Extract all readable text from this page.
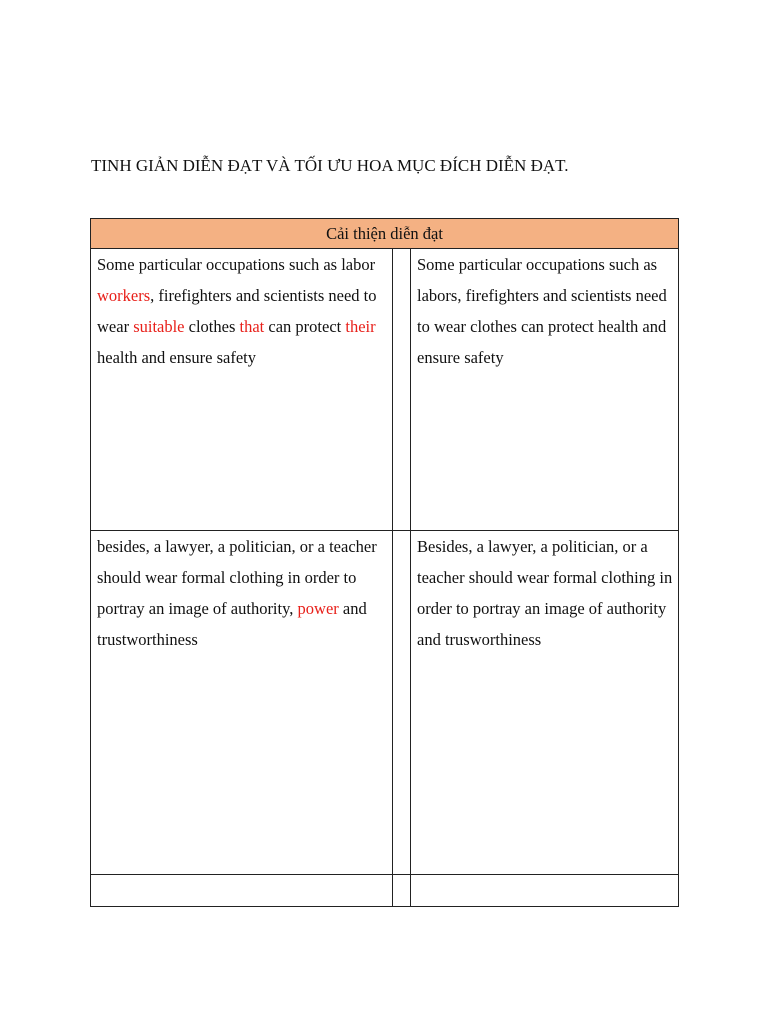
TINH GIẢN DIỄN ĐẠT VÀ TỐI ƯU HOA MỤC ĐÍCH DIỄN ĐẠT.
Cải thiện diễn đạt		

Some particular occupations such as labor workers, firefighters and scientists need to wear suitable clothes that can protect their health and ensure safety		Some particular occupations such as labors, firefighters and scientists need to wear clothes can protect health and ensure safety

besides, a lawyer, a politician, or a teacher should wear formal clothing in order to portray an image of authority, power and trustworthiness		Besides, a lawyer, a politician, or a teacher should wear formal clothing in order to portray an image of authority and trusworthiness
